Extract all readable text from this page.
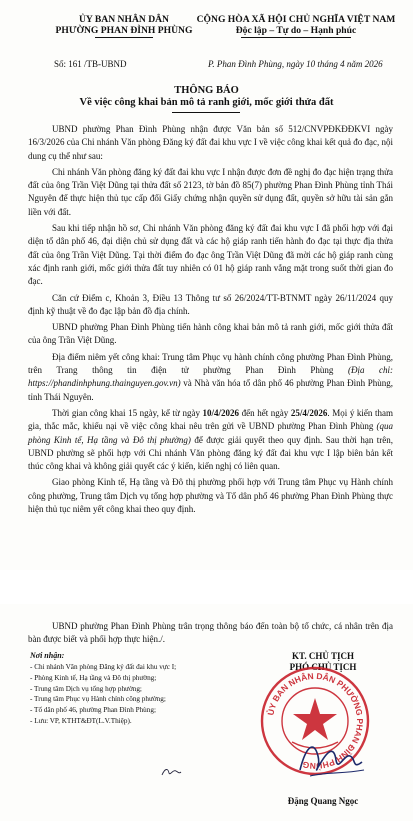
ỦY BAN NHÂN DÂN
PHƯỜNG PHAN ĐÌNH PHÙNG
CỘNG HÒA XÃ HỘI CHỦ NGHĨA VIỆT NAM
Độc lập – Tự do – Hạnh phúc
Số: 161 /TB-UBND	P. Phan Đình Phùng, ngày 10 tháng 4 năm 2026
THÔNG BÁO
Về việc công khai bản mô tả ranh giới, mốc giới thửa đất

UBND phường Phan Đình Phùng nhận được Văn bản số 512/CNVPĐKĐĐKVI ngày 16/3/2026 của Chi nhánh Văn phòng Đăng ký đất đai khu vực I về việc công khai kết quả đo đạc, nội dung cụ thể như sau:

Chi nhánh Văn phòng đăng ký đất đai khu vực I nhận được đơn đề nghị đo đạc hiện trạng thửa đất của ông Trần Việt Dũng tại thửa đất số 2123, tờ bản đồ 85(7) phường Phan Đình Phùng tỉnh Thái Nguyên để thực hiện thủ tục cấp đổi Giấy chứng nhận quyền sử dụng đất, quyền sở hữu tài sản gắn liền với đất.

Sau khi tiếp nhận hồ sơ, Chi nhánh Văn phòng đăng ký đất đai khu vực I đã phối hợp với đại diện tổ dân phố 46, đại diện chủ sử dụng đất và các hộ giáp ranh tiến hành đo đạc tại thực địa thửa đất của ông Trần Việt Dũng. Tại thời điểm đo đạc ông Trần Việt Dũng đã mời các hộ giáp ranh cùng xác định ranh giới, mốc giới thửa đất tuy nhiên có 01 hộ giáp ranh vắng mặt trong suốt thời gian đo đạc.

Căn cứ Điểm c, Khoản 3, Điều 13 Thông tư số 26/2024/TT-BTNMT ngày 26/11/2024 quy định kỹ thuật về đo đạc lập bản đồ địa chính.

UBND phường Phan Đình Phùng tiến hành công khai bản mô tả ranh giới, mốc giới thửa đất của ông Trần Việt Dũng.

Địa điểm niêm yết công khai: Trung tâm Phục vụ hành chính công phường Phan Đình Phùng, trên Trang thông tin điện tử phường Phan Đình Phùng (Địa chỉ: https://phandinhphung.thainguyen.gov.vn) và Nhà văn hóa tổ dân phố 46 phường Phan Đình Phùng, tỉnh Thái Nguyên.

Thời gian công khai 15 ngày, kể từ ngày 10/4/2026 đến hết ngày 25/4/2026. Mọi ý kiến tham gia, thắc mắc, khiếu nại về việc công khai nêu trên gửi về UBND phường Phan Đình Phùng (qua phòng Kinh tế, Hạ tầng và Đô thị phường) để được giải quyết theo quy định. Sau thời hạn trên, UBND phường sẽ phối hợp với Chi nhánh Văn phòng đăng ký đất đai khu vực I lập biên bản kết thúc công khai và không giải quyết các ý kiến, kiến nghị có liên quan.

Giao phòng Kinh tế, Hạ tầng và Đô thị phường phối hợp với Trung tâm Phục vụ Hành chính công phường, Trung tâm Dịch vụ tổng hợp phường và Tổ dân phố 46 phường Phan Đình Phùng thực hiện thủ tục niêm yết công khai theo quy định.

UBND phường Phan Đình Phùng trân trọng thông báo đến toàn bộ tổ chức, cá nhân trên địa bàn được biết và phối hợp thực hiện./.

Nơi nhận:
- Chi nhánh Văn phòng Đăng ký đất đai khu vực I;
- Phòng Kinh tế, Hạ tầng và Đô thị phường;
- Trung tâm Dịch vụ tổng hợp phường;
- Trung tâm Phục vụ Hành chính công phường;
- Tổ dân phố 46, phường Phan Đình Phùng;
- Lưu: VP, KTHT&ĐT(L.V.Thiệp).
KT. CHỦ TỊCH
PHÓ CHỦ TỊCH
ỦY BAN NHÂN DÂN PHƯỜNG PHAN ĐÌNH PHÙNG
Đặng Quang Ngọc
